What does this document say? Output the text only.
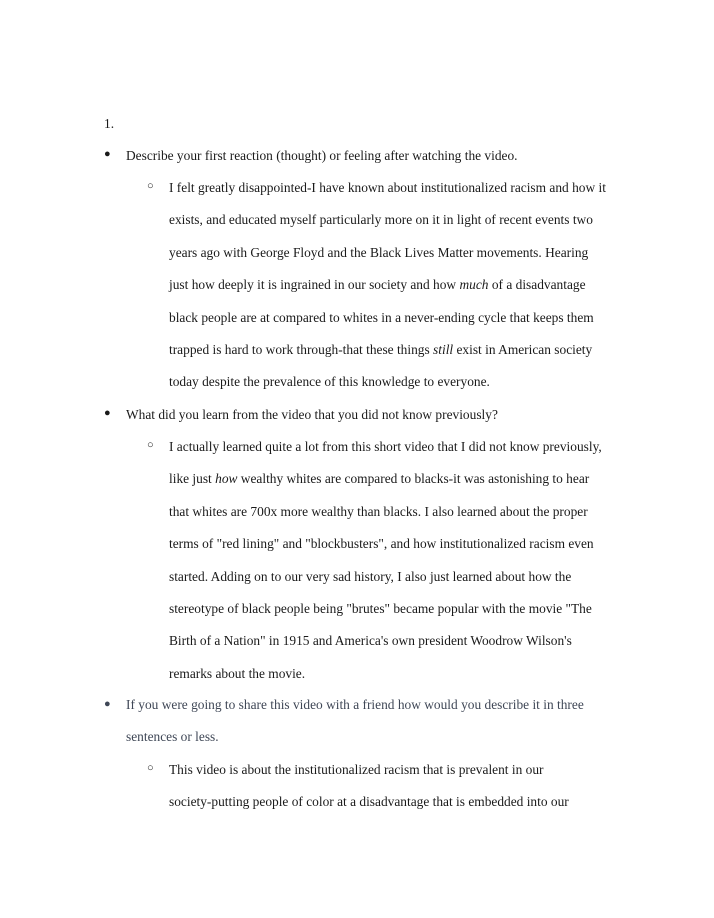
1.
● Describe your first reaction (thought) or feeling after watching the video.
○ I felt greatly disappointed-I have known about institutionalized racism and how it
exists, and educated myself particularly more on it in light of recent events two
years ago with George Floyd and the Black Lives Matter movements. Hearing
just how deeply it is ingrained in our society and how much of a disadvantage
black people are at compared to whites in a never-ending cycle that keeps them
trapped is hard to work through-that these things still exist in American society
today despite the prevalence of this knowledge to everyone.
● What did you learn from the video that you did not know previously?
○ I actually learned quite a lot from this short video that I did not know previously,
like just how wealthy whites are compared to blacks-it was astonishing to hear
that whites are 700x more wealthy than blacks. I also learned about the proper
terms of "red lining" and "blockbusters", and how institutionalized racism even
started. Adding on to our very sad history, I also just learned about how the
stereotype of black people being "brutes" became popular with the movie "The
Birth of a Nation" in 1915 and America's own president Woodrow Wilson's
remarks about the movie.
● If you were going to share this video with a friend how would you describe it in three
sentences or less.
○ This video is about the institutionalized racism that is prevalent in our
society-putting people of color at a disadvantage that is embedded into our
